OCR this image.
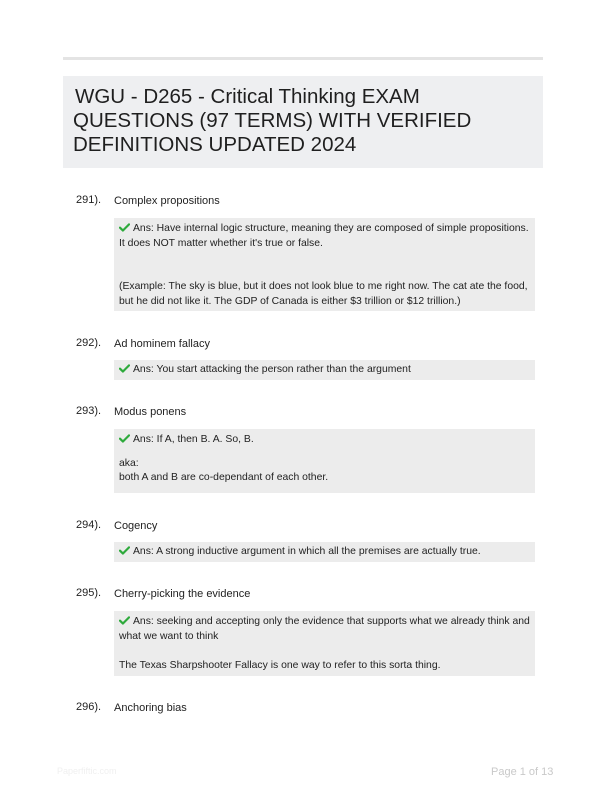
WGU - D265 - Critical Thinking EXAM
QUESTIONS (97 TERMS) WITH VERIFIED
DEFINITIONS UPDATED 2024
291). Complex propositions

Ans: Have internal logic structure, meaning they are composed of simple propositions. It does NOT matter whether it's true or false.

(Example: The sky is blue, but it does not look blue to me right now. The cat ate the food, but he did not like it. The GDP of Canada is either $3 trillion or $12 trillion.)

292). Ad hominem fallacy

Ans: You start attacking the person rather than the argument

293). Modus ponens

Ans: If A, then B. A. So, B.

aka:

both A and B are co-dependant of each other.

294). Cogency

Ans: A strong inductive argument in which all the premises are actually true.

295). Cherry-picking the evidence

Ans: seeking and accepting only the evidence that supports what we already think and what we want to think

The Texas Sharpshooter Fallacy is one way to refer to this sorta thing.

296). Anchoring bias
Paperfiftic.com	Page 1 of 13
